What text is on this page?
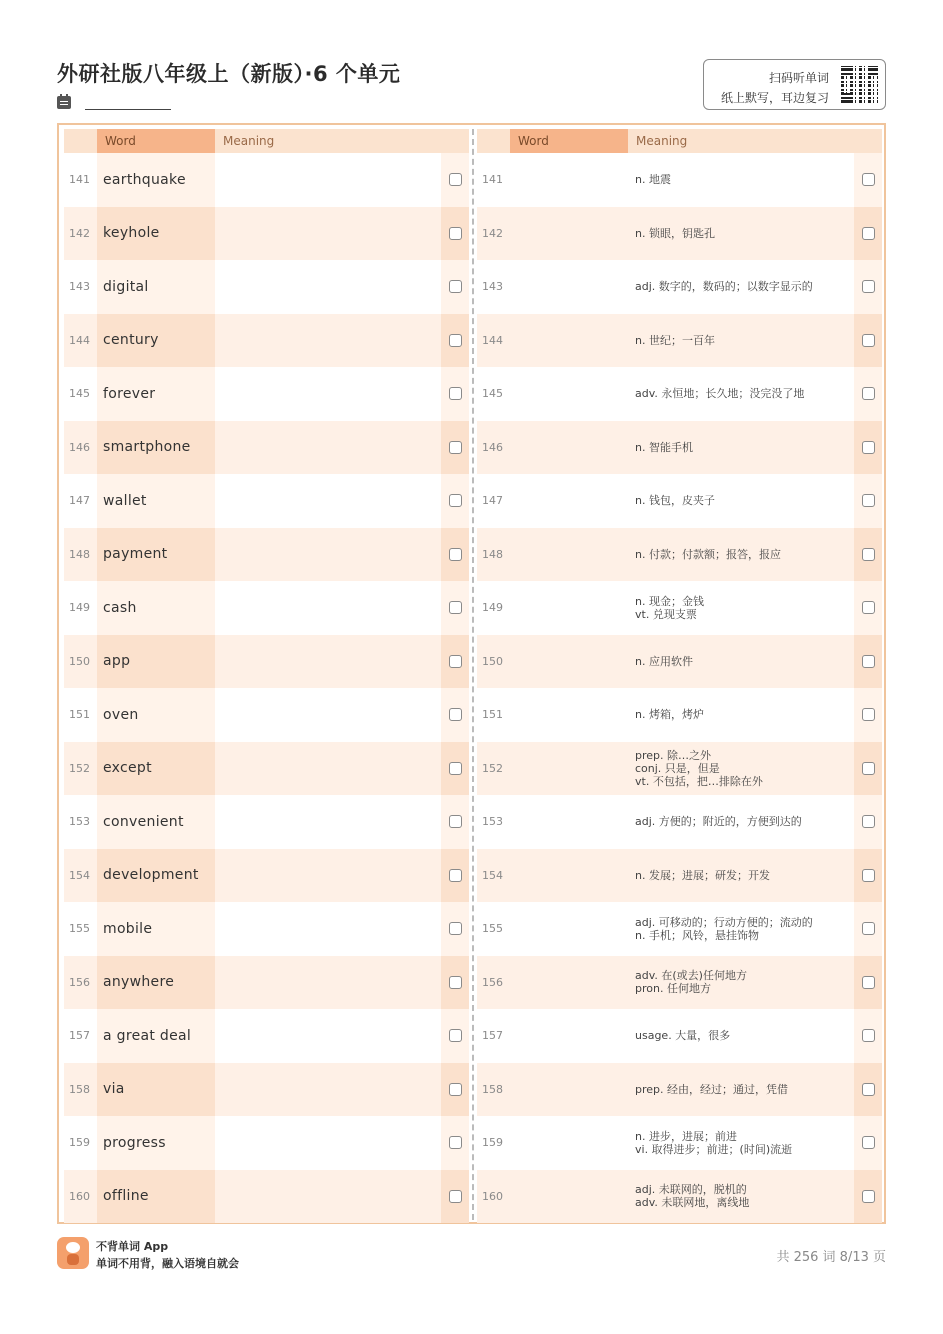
外研社版八年级上（新版）·6 个单元	扫码听单词
纸上默写，耳边复习
Word	Meaning
141 earthquake
142 keyhole
143 digital
144 century
145 forever
146 smartphone
147 wallet
148 payment
149 cash
150 app
151 oven
152 except
153 convenient
154 development
155 mobile
156 anywhere
157 a great deal
158 via
159 progress
160 offline
Word	Meaning
141	n. 地震
142	n. 锁眼，钥匙孔
143	adj. 数字的，数码的；以数字显示的
144	n. 世纪；一百年
145	adv. 永恒地；长久地；没完没了地
146	n. 智能手机
147	n. 钱包，皮夹子
148	n. 付款；付款额；报答，报应
149	n. 现金；金钱
vt. 兑现支票
150	n. 应用软件
151	n. 烤箱，烤炉
152
prep. 除…之外
conj. 只是，但是
vt. 不包括，把…排除在外
153	adj. 方便的；附近的，方便到达的
154	n. 发展；进展；研发；开发
155	adj. 可移动的；行动方便的；流动的
n. 手机；风铃，悬挂饰物
156	adv. 在(或去)任何地方
pron. 任何地方
157	usage. 大量，很多
158	prep. 经由，经过；通过，凭借
159	n. 进步，进展；前进
vi. 取得进步；前进；(时间)流逝
160	adj. 未联网的，脱机的
adv. 未联网地，离线地
不背单词 App
单词不用背，融入语境自就会	共 256 词 8/13 页
